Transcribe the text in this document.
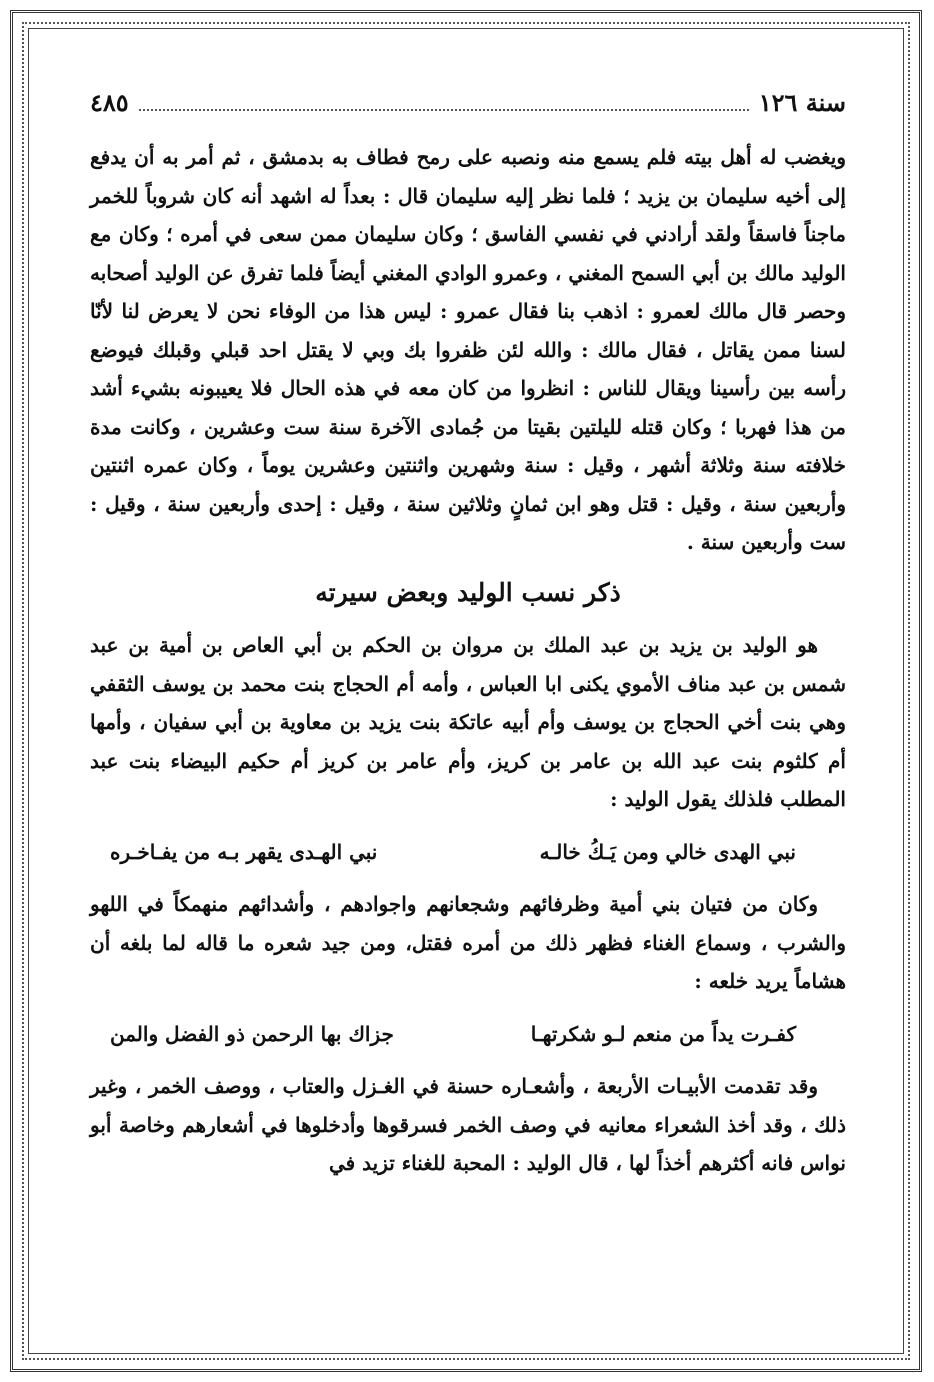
سنة ١٢٦
٤٨٥

ويغضب له أهل بيته فلم يسمع منه ونصبه على رمح فطاف به بدمشق ، ثم أمر به أن يدفع إلى أخيه سليمان بن يزيد ؛ فلما نظر إليه سليمان قال : بعداً له اشهد أنه كان شروباً للخمر ماجناً فاسقاً ولقد أرادني في نفسي الفاسق ؛ وكان سليمان ممن سعى في أمره ؛ وكان مع الوليد مالك بن أبي السمح المغني ، وعمرو الوادي المغني أيضاً فلما تفرق عن الوليد أصحابه وحصر قال مالك لعمرو : اذهب بنا فقال عمرو : ليس هذا من الوفاء نحن لا يعرض لنا لأنّا لسنا ممن يقاتل ، فقال مالك : والله لئن ظفروا بك وبي لا يقتل احد قبلي وقبلك فيوضع رأسه بين رأسينا ويقال للناس : انظروا من كان معه في هذه الحال فلا يعيبونه بشيء أشد من هذا فهربا ؛ وكان قتله لليلتين بقيتا من جُمادى الآخرة سنة ست وعشرين ، وكانت مدة خلافته سنة وثلاثة أشهر ، وقيل : سنة وشهرين واثنتين وعشرين يوماً ، وكان عمره اثنتين وأربعين سنة ، وقيل : قتل وهو ابن ثمانٍ وثلاثين سنة ، وقيل : إحدى وأربعين سنة ، وقيل : ست وأربعين سنة .

ذكر نسب الوليد وبعض سيرته

هو الوليد بن يزيد بن عبد الملك بن مروان بن الحكم بن أبي العاص بن أمية بن عبد شمس بن عبد مناف الأموي يكنى ابا العباس ، وأمه أم الحجاج بنت محمد بن يوسف الثقفي وهي بنت أخي الحجاج بن يوسف وأم أبيه عاتكة بنت يزيد بن معاوية بن أبي سفيان ، وأمها أم كلثوم بنت عبد الله بن عامر بن كريز، وأم عامر بن كريز أم حكيم البيضاء بنت عبد المطلب فلذلك يقول الوليد :

نبي الهدى خالي ومن يَـكُ خالـه
نبي الهـدى يقهر بـه من يفـاخـره

وكان من فتيان بني أمية وظرفائهم وشجعانهم واجوادهم ، وأشدائهم منهمكاً في اللهو والشرب ، وسماع الغناء فظهر ذلك من أمره فقتل، ومن جيد شعره ما قاله لما بلغه أن هشاماً يريد خلعه :

كفـرت يداً من منعم لـو شكرتهـا
جزاك بها الرحمن ذو الفضل والمن

وقد تقدمت الأبيـات الأربعة ، وأشعـاره حسنة في الغـزل والعتاب ، ووصف الخمر ، وغير ذلك ، وقد أخذ الشعراء معانيه في وصف الخمر فسرقوها وأدخلوها في أشعارهم وخاصة أبو نواس فانه أكثرهم أخذاً لها ، قال الوليد : المحبة للغناء تزيد في
